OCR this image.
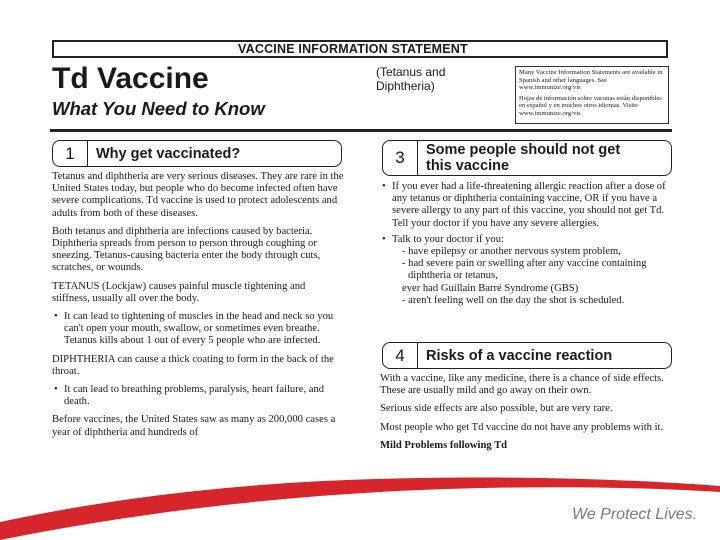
We Protect Lives.
VACCINE INFORMATION STATEMENT
Td Vaccine
What You Need to Know
(Tetanus and
Diphtheria)

Many Vaccine Information Statements are available in Spanish and other languages. See www.immunize.org/vis

Hojas de información sobre vacunas están disponibles en español y en muchos otros idiomas. Visite www.immunize.org/vis

1	Why get vaccinated?

Tetanus and diphtheria are very serious diseases. They are rare in the United States today, but people who do become infected often have severe complications. Td vaccine is used to protect adolescents and adults from both of these diseases.

Both tetanus and diphtheria are infections caused by bacteria. Diphtheria spreads from person to person through coughing or sneezing. Tetanus-causing bacteria enter the body through cuts, scratches, or wounds.

TETANUS (Lockjaw) causes painful muscle tightening and stiffness, usually all over the body.

• It can lead to tightening of muscles in the head and neck so you can't open your mouth, swallow, or sometimes even breathe. Tetanus kills about 1 out of every 5 people who are infected.

DIPHTHERIA can cause a thick coating to form in the back of the throat.

• It can lead to breathing problems, paralysis, heart failure, and death.

Before vaccines, the United States saw as many as 200,000 cases a year of diphtheria and hundreds of

3	Some people should not get
this vaccine
• If you ever had a life-threatening allergic reaction after a dose of any tetanus or diphtheria containing vaccine, OR if you have a severe allergy to any part of this vaccine, you should not get Td. Tell your doctor if you have any severe allergies.
• Talk to your doctor if you:
- have epilepsy or another nervous system problem,
- had severe pain or swelling after any vaccine containing diphtheria or tetanus,
ever had Guillain Barré Syndrome (GBS)
- aren't feeling well on the day the shot is scheduled.
4	Risks of a vaccine reaction

With a vaccine, like any medicine, there is a chance of side effects. These are usually mild and go away on their own.

Serious side effects are also possible, but are very rare.

Most people who get Td vaccine do not have any problems with it.

Mild Problems following Td
